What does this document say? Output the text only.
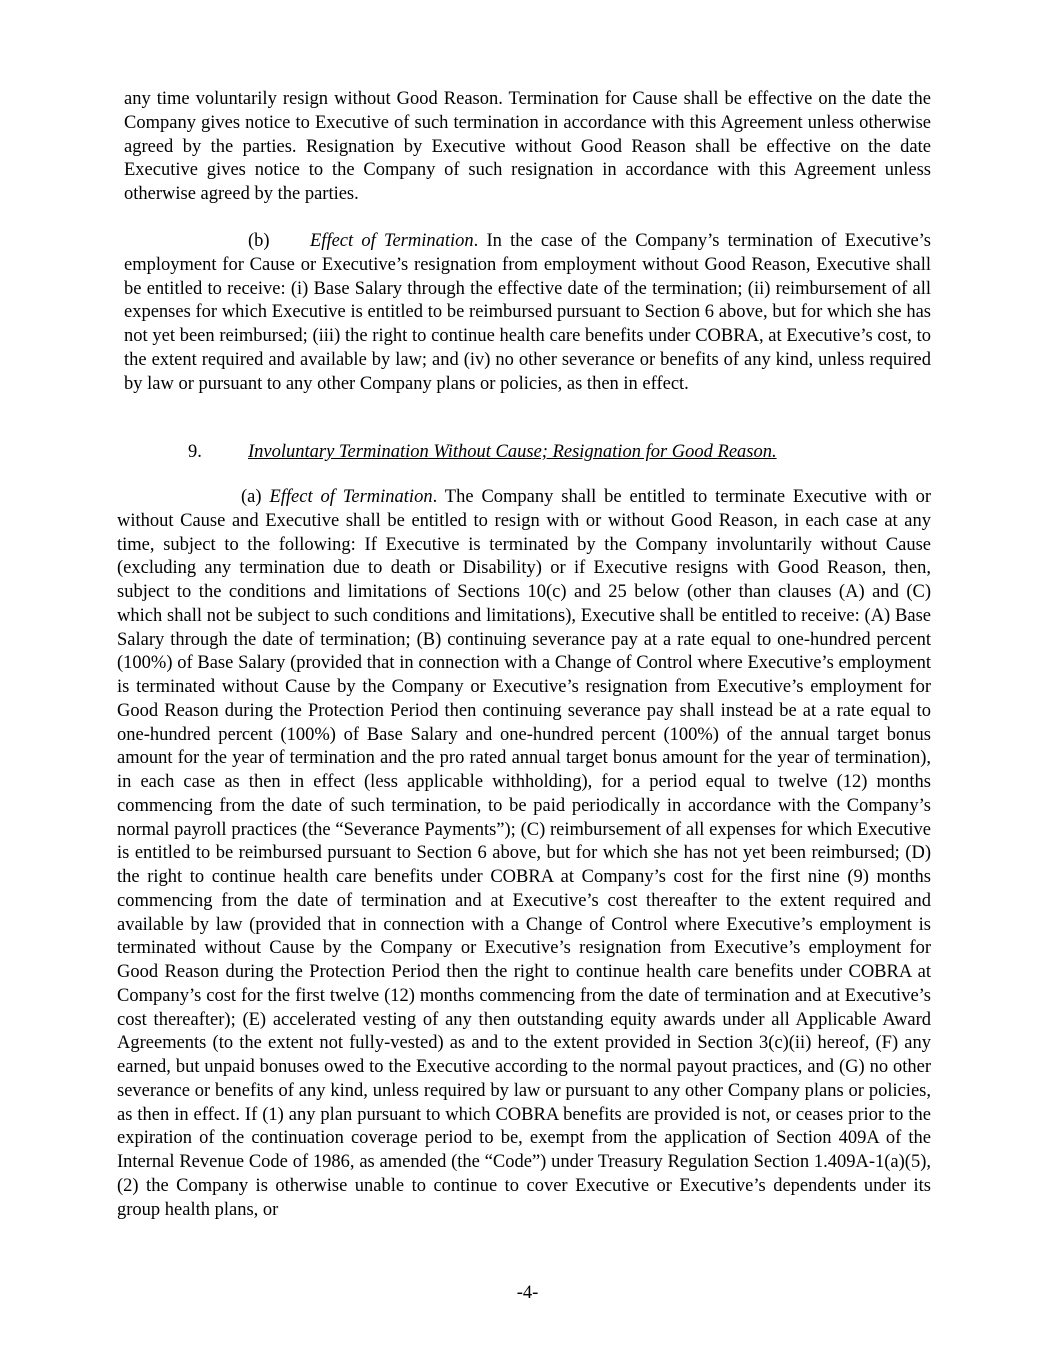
any time voluntarily resign without Good Reason. Termination for Cause shall be effective on the date the Company gives notice to Executive of such termination in accordance with this Agreement unless otherwise agreed by the parties. Resignation by Executive without Good Reason shall be effective on the date Executive gives notice to the Company of such resignation in accordance with this Agreement unless otherwise agreed by the parties.

(b) Effect of Termination. In the case of the Company’s termination of Executive’s employment for Cause or Executive’s resignation from employment without Good Reason, Executive shall be entitled to receive: (i) Base Salary through the effective date of the termination; (ii) reimbursement of all expenses for which Executive is entitled to be reimbursed pursuant to Section 6 above, but for which she has not yet been reimbursed; (iii) the right to continue health care benefits under COBRA, at Executive’s cost, to the extent required and available by law; and (iv) no other severance or benefits of any kind, unless required by law or pursuant to any other Company plans or policies, as then in effect.

9. Involuntary Termination Without Cause; Resignation for Good Reason.

(a) Effect of Termination. The Company shall be entitled to terminate Executive with or without Cause and Executive shall be entitled to resign with or without Good Reason, in each case at any time, subject to the following: If Executive is terminated by the Company involuntarily without Cause (excluding any termination due to death or Disability) or if Executive resigns with Good Reason, then, subject to the conditions and limitations of Sections 10(c) and 25 below (other than clauses (A) and (C) which shall not be subject to such conditions and limitations), Executive shall be entitled to receive: (A) Base Salary through the date of termination; (B) continuing severance pay at a rate equal to one-hundred percent (100%) of Base Salary (provided that in connection with a Change of Control where Executive’s employment is terminated without Cause by the Company or Executive’s resignation from Executive’s employment for Good Reason during the Protection Period then continuing severance pay shall instead be at a rate equal to one-hundred percent (100%) of Base Salary and one-hundred percent (100%) of the annual target bonus amount for the year of termination and the pro rated annual target bonus amount for the year of termination), in each case as then in effect (less applicable withholding), for a period equal to twelve (12) months commencing from the date of such termination, to be paid periodically in accordance with the Company’s normal payroll practices (the “Severance Payments”); (C) reimbursement of all expenses for which Executive is entitled to be reimbursed pursuant to Section 6 above, but for which she has not yet been reimbursed; (D) the right to continue health care benefits under COBRA at Company’s cost for the first nine (9) months commencing from the date of termination and at Executive’s cost thereafter to the extent required and available by law (provided that in connection with a Change of Control where Executive’s employment is terminated without Cause by the Company or Executive’s resignation from Executive’s employment for Good Reason during the Protection Period then the right to continue health care benefits under COBRA at Company’s cost for the first twelve (12) months commencing from the date of termination and at Executive’s cost thereafter); (E) accelerated vesting of any then outstanding equity awards under all Applicable Award Agreements (to the extent not fully-vested) as and to the extent provided in Section 3(c)(ii) hereof, (F) any earned, but unpaid bonuses owed to the Executive according to the normal payout practices, and (G) no other severance or benefits of any kind, unless required by law or pursuant to any other Company plans or policies, as then in effect. If (1) any plan pursuant to which COBRA benefits are provided is not, or ceases prior to the expiration of the continuation coverage period to be, exempt from the application of Section 409A of the Internal Revenue Code of 1986, as amended (the “Code”) under Treasury Regulation Section 1.409A-1(a)(5), (2) the Company is otherwise unable to continue to cover Executive or Executive’s dependents under its group health plans, or

-4-
